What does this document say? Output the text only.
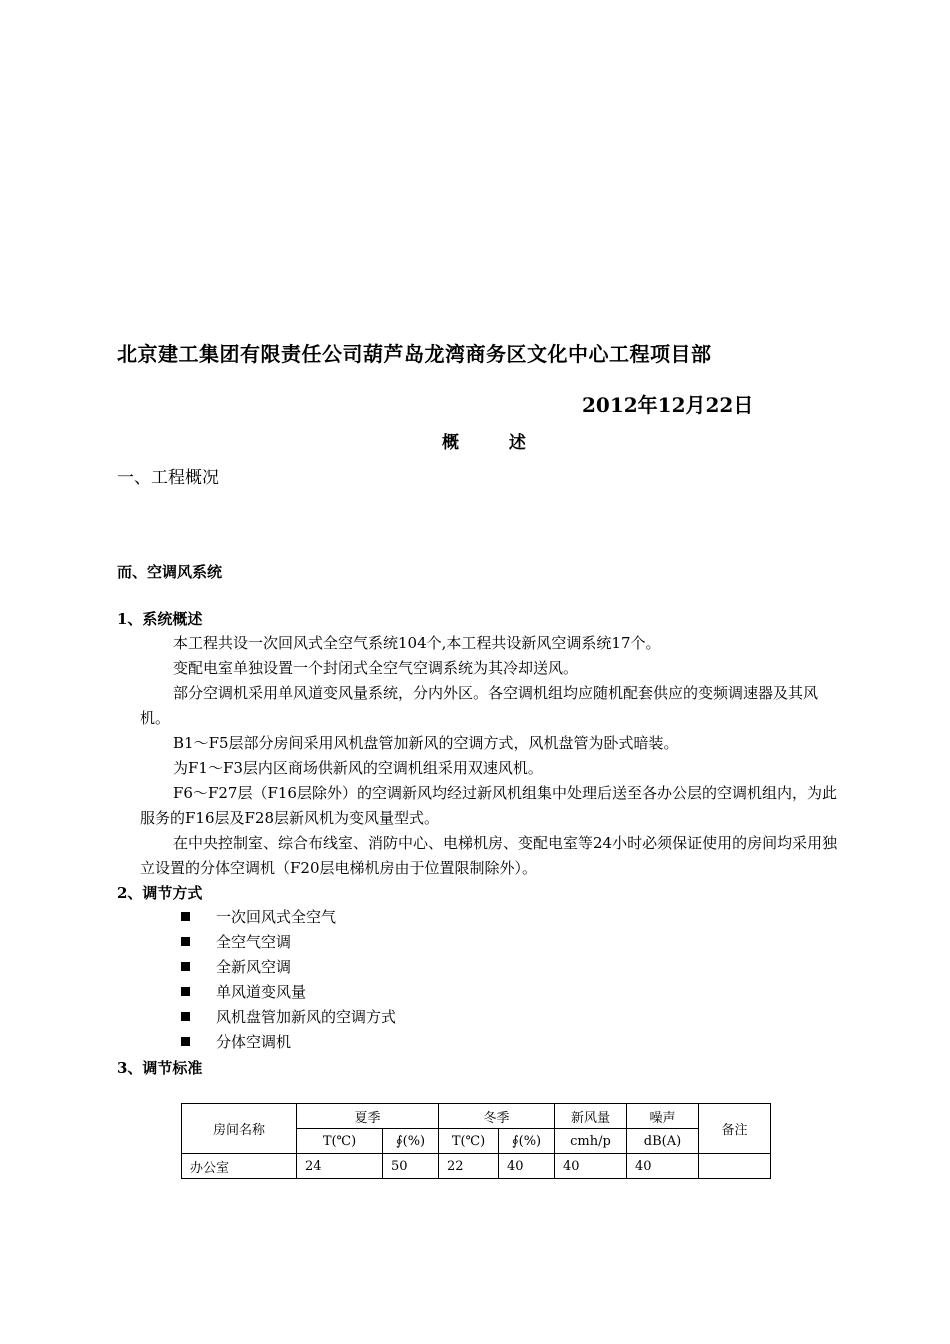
北京建工集团有限责任公司葫芦岛龙湾商务区文化中心工程项目部
2012年12月22日
概 述
一、工程概况
而、空调风系统
1、系统概述
本工程共设一次回风式全空气系统104个,本工程共设新风空调系统17个。
变配电室单独设置一个封闭式全空气空调系统为其冷却送风。
部分空调机采用单风道变风量系统，分内外区。各空调机组均应随机配套供应的变频调速器及其风机。
B1～F5层部分房间采用风机盘管加新风的空调方式，风机盘管为卧式暗装。
为F1～F3层内区商场供新风的空调机组采用双速风机。
F6～F27层（F16层除外）的空调新风均经过新风机组集中处理后送至各办公层的空调机组内，为此服务的F16层及F28层新风机为变风量型式。
在中央控制室、综合布线室、消防中心、电梯机房、变配电室等24小时必须保证使用的房间均采用独立设置的分体空调机（F20层电梯机房由于位置限制除外）。
2、调节方式
一次回风式全空气
全空气空调
全新风空调
单风道变风量
风机盘管加新风的空调方式
分体空调机
3、调节标准
房间名称	夏季		冬季		新风量	噪声	备注
	T(℃)	∮(%)	T(℃)	∮(%)	cmh/p	dB(A)	
办公室	24	50	22	40	40	40	
